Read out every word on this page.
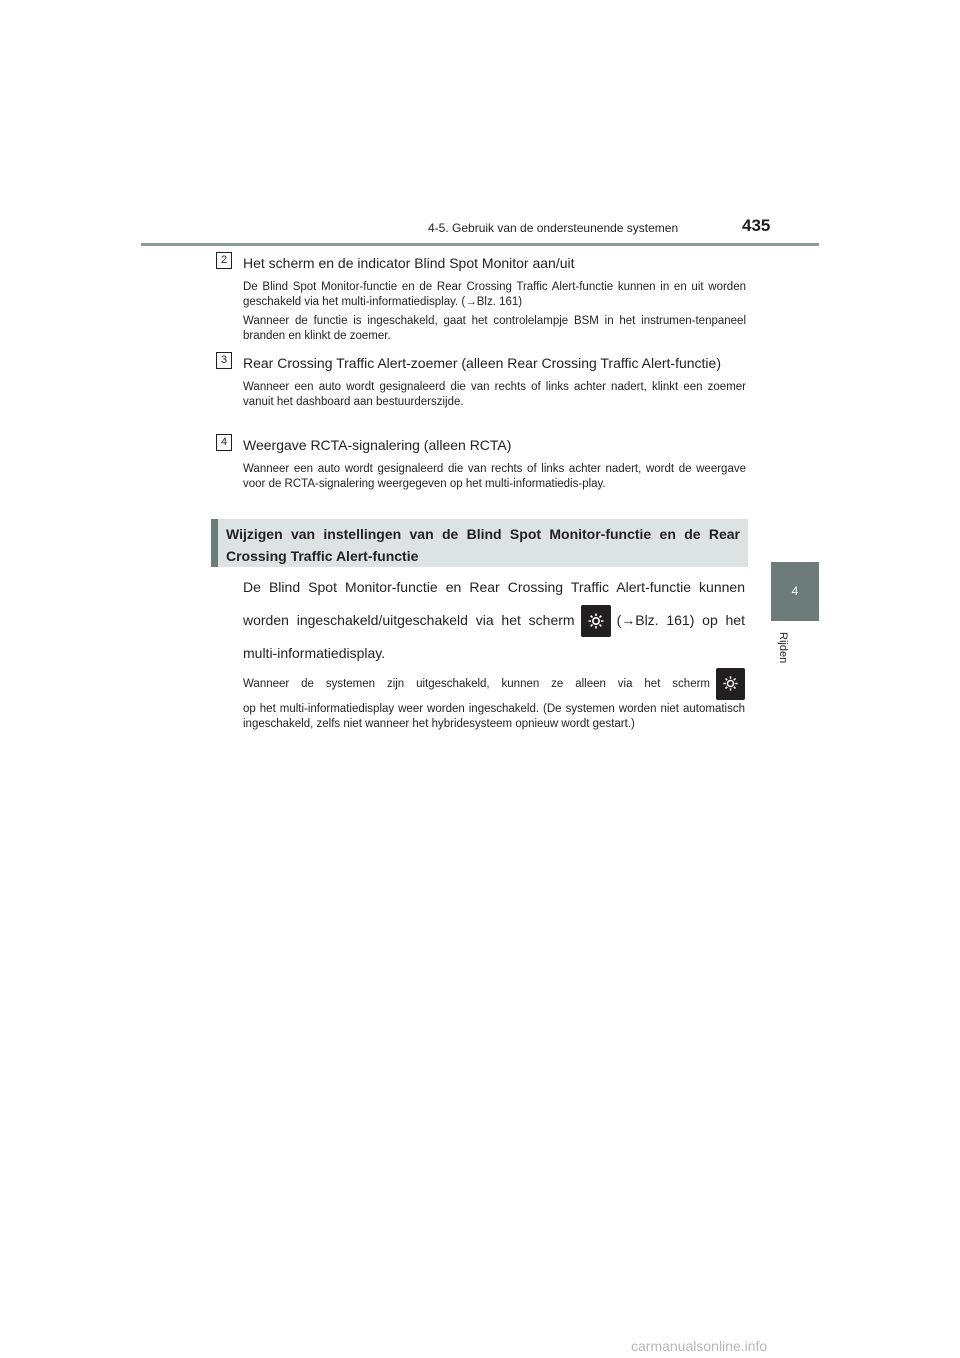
4-5. Gebruik van de ondersteunende systemen	435
4
Rijden
2	Het scherm en de indicator Blind Spot Monitor aan/uit
De Blind Spot Monitor-functie en de Rear Crossing Traffic Alert-functie kunnen in en uit worden geschakeld via het multi-informatiedisplay. (→Blz. 161)
Wanneer de functie is ingeschakeld, gaat het controlelampje BSM in het instrumen-tenpaneel branden en klinkt de zoemer.
3	Rear Crossing Traffic Alert-zoemer (alleen Rear Crossing Traffic Alert-functie)
Wanneer een auto wordt gesignaleerd die van rechts of links achter nadert, klinkt een zoemer vanuit het dashboard aan bestuurderszijde.
4	Weergave RCTA-signalering (alleen RCTA)
Wanneer een auto wordt gesignaleerd die van rechts of links achter nadert, wordt de weergave voor de RCTA-signalering weergegeven op het multi-informatiedis-play.
Wijzigen van instellingen van de Blind Spot Monitor-functie en de Rear Crossing Traffic Alert-functie
De Blind Spot Monitor-functie en Rear Crossing Traffic Alert-functie kunnen worden ingeschakeld/uitgeschakeld via het scherm	(→Blz. 161) op het multi-informatiedisplay.
Wanneer de systemen zijn uitgeschakeld, kunnen ze alleen via het scherm
op het multi-informatiedisplay weer worden ingeschakeld. (De systemen worden niet automatisch ingeschakeld, zelfs niet wanneer het hybridesysteem opnieuw wordt gestart.)
carmanualsonline.info
